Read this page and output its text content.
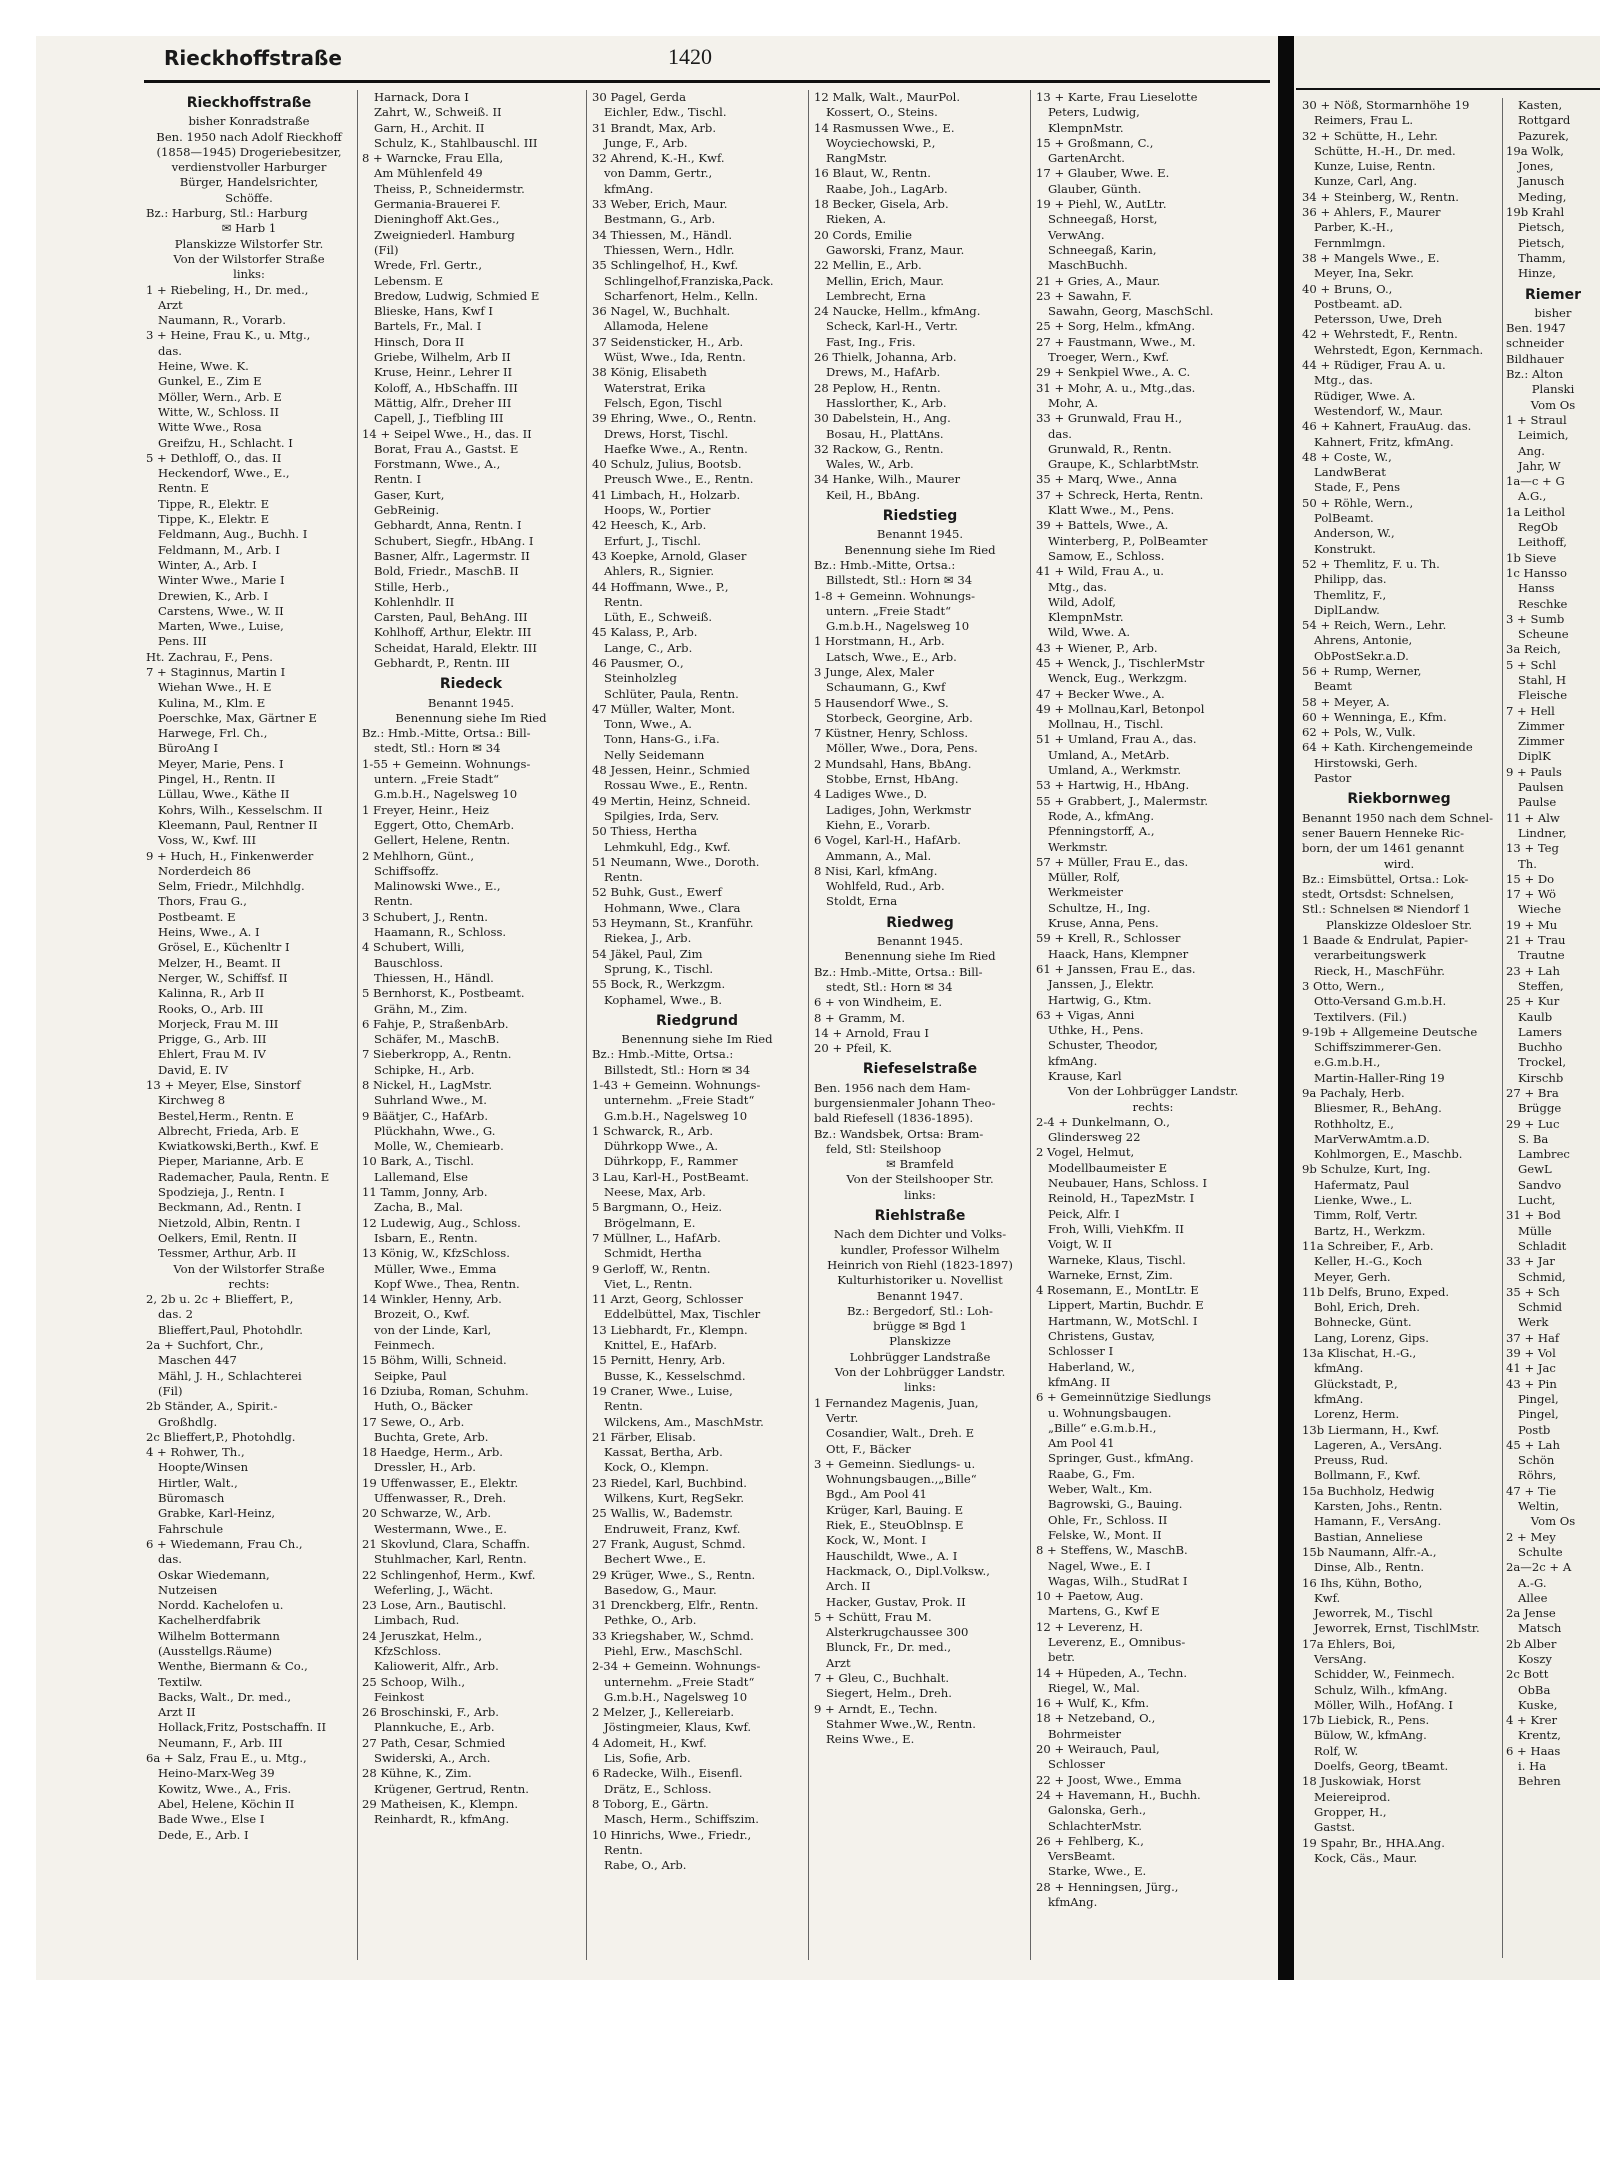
Rieckhoffstraße	1420
Rieckhoffstraße
bisher Konradstraße
Ben. 1950 nach Adolf Rieckhoff
(1858—1945) Drogeriebesitzer,
verdienstvoller Harburger
Bürger, Handelsrichter,
Schöffe.
Bz.: Harburg, Stl.: Harburg
✉ Harb 1
Planskizze Wilstorfer Str.
Von der Wilstorfer Straße
links:
1 + Riebeling, H., Dr. med.,
Arzt
Naumann, R., Vorarb.
3 + Heine, Frau K., u. Mtg.,
das.
Heine, Wwe. K.
Gunkel, E., Zim E
Möller, Wern., Arb. E
Witte, W., Schloss. II
Witte Wwe., Rosa
Greifzu, H., Schlacht. I
5 + Dethloff, O., das. II
Heckendorf, Wwe., E.,
Rentn. E
Tippe, R., Elektr. E
Tippe, K., Elektr. E
Feldmann, Aug., Buchh. I
Feldmann, M., Arb. I
Winter, A., Arb. I
Winter Wwe., Marie I
Drewien, K., Arb. I
Carstens, Wwe., W. II
Marten, Wwe., Luise,
Pens. III
Ht. Zachrau, F., Pens.
7 + Staginnus, Martin I
Wiehan Wwe., H. E
Kulina, M., Klm. E
Poerschke, Max, Gärtner E
Harwege, Frl. Ch.,
BüroAng I
Meyer, Marie, Pens. I
Pingel, H., Rentn. II
Lüllau, Wwe., Käthe II
Kohrs, Wilh., Kesselschm. II
Kleemann, Paul, Rentner II
Voss, W., Kwf. III
9 + Huch, H., Finkenwerder
Norderdeich 86
Selm, Friedr., Milchhdlg.
Thors, Frau G.,
Postbeamt. E
Heins, Wwe., A. I
Grösel, E., Küchenltr I
Melzer, H., Beamt. II
Nerger, W., Schiffsf. II
Kalinna, R., Arb II
Rooks, O., Arb. III
Morjeck, Frau M. III
Prigge, G., Arb. III
Ehlert, Frau M. IV
David, E. IV
13 + Meyer, Else, Sinstorf
Kirchweg 8
Bestel,Herm., Rentn. E
Albrecht, Frieda, Arb. E
Kwiatkowski,Berth., Kwf. E
Pieper, Marianne, Arb. E
Rademacher, Paula, Rentn. E
Spodzieja, J., Rentn. I
Beckmann, Ad., Rentn. I
Nietzold, Albin, Rentn. I
Oelkers, Emil, Rentn. II
Tessmer, Arthur, Arb. II
Von der Wilstorfer Straße
rechts:
2, 2b u. 2c + Blieffert, P.,
das. 2
Blieffert,Paul, Photohdlr.
2a + Suchfort, Chr.,
Maschen 447
Mähl, J. H., Schlachterei
(Fil)
2b Ständer, A., Spirit.-
Großhdlg.
2c Blieffert,P., Photohdlg.
4 + Rohwer, Th.,
Hoopte/Winsen
Hirtler, Walt.,
Büromasch
Grabke, Karl-Heinz,
Fahrschule
6 + Wiedemann, Frau Ch.,
das.
Oskar Wiedemann,
Nutzeisen
Nordd. Kachelofen u.
Kachelherdfabrik
Wilhelm Bottermann
(Ausstellgs.Räume)
Wenthe, Biermann & Co.,
Textilw.
Backs, Walt., Dr. med.,
Arzt II
Hollack,Fritz, Postschaffn. II
Neumann, F., Arb. III
6a + Salz, Frau E., u. Mtg.,
Heino-Marx-Weg 39
Kowitz, Wwe., A., Fris.
Abel, Helene, Köchin II
Bade Wwe., Else I
Dede, E., Arb. I
Harnack, Dora I
Zahrt, W., Schweiß. II
Garn, H., Archit. II
Schulz, K., Stahlbauschl. III
8 + Warncke, Frau Ella,
Am Mühlenfeld 49
Theiss, P., Schneidermstr.
Germania-Brauerei F.
Dieninghoff Akt.Ges.,
Zweigniederl. Hamburg
(Fil)
Wrede, Frl. Gertr.,
Lebensm. E
Bredow, Ludwig, Schmied E
Blieske, Hans, Kwf I
Bartels, Fr., Mal. I
Hinsch, Dora II
Griebe, Wilhelm, Arb II
Kruse, Heinr., Lehrer II
Koloff, A., HbSchaffn. III
Mättig, Alfr., Dreher III
Capell, J., Tiefbling III
14 + Seipel Wwe., H., das. II
Borat, Frau A., Gastst. E
Forstmann, Wwe., A.,
Rentn. I
Gaser, Kurt,
GebReinig.
Gebhardt, Anna, Rentn. I
Schubert, Siegfr., HbAng. I
Basner, Alfr., Lagermstr. II
Bold, Friedr., MaschB. II
Stille, Herb.,
Kohlenhdlr. II
Carsten, Paul, BehAng. III
Kohlhoff, Arthur, Elektr. III
Scheidat, Harald, Elektr. III
Gebhardt, P., Rentn. III
Riedeck
Benannt 1945.
Benennung siehe Im Ried
Bz.: Hmb.-Mitte, Ortsa.: Bill-
stedt, Stl.: Horn ✉ 34
1-55 + Gemeinn. Wohnungs-
untern. „Freie Stadt“
G.m.b.H., Nagelsweg 10
1 Freyer, Heinr., Heiz
Eggert, Otto, ChemArb.
Gellert, Helene, Rentn.
2 Mehlhorn, Günt.,
Schiffsoffz.
Malinowski Wwe., E.,
Rentn.
3 Schubert, J., Rentn.
Haamann, R., Schloss.
4 Schubert, Willi,
Bauschloss.
Thiessen, H., Händl.
5 Bernhorst, K., Postbeamt.
Grähn, M., Zim.
6 Fahje, P., StraßenbArb.
Schäfer, M., MaschB.
7 Sieberkropp, A., Rentn.
Schipke, H., Arb.
8 Nickel, H., LagMstr.
Suhrland Wwe., M.
9 Bäätjer, C., HafArb.
Plückhahn, Wwe., G.
Molle, W., Chemiearb.
10 Bark, A., Tischl.
Lallemand, Else
11 Tamm, Jonny, Arb.
Zacha, B., Mal.
12 Ludewig, Aug., Schloss.
Isbarn, E., Rentn.
13 König, W., KfzSchloss.
Müller, Wwe., Emma
Kopf Wwe., Thea, Rentn.
14 Winkler, Henny, Arb.
Brozeit, O., Kwf.
von der Linde, Karl,
Feinmech.
15 Böhm, Willi, Schneid.
Seipke, Paul
16 Dziuba, Roman, Schuhm.
Huth, O., Bäcker
17 Sewe, O., Arb.
Buchta, Grete, Arb.
18 Haedge, Herm., Arb.
Dressler, H., Arb.
19 Uffenwasser, E., Elektr.
Uffenwasser, R., Dreh.
20 Schwarze, W., Arb.
Westermann, Wwe., E.
21 Skovlund, Clara, Schaffn.
Stuhlmacher, Karl, Rentn.
22 Schlingenhof, Herm., Kwf.
Weferling, J., Wächt.
23 Lose, Arn., Bautischl.
Limbach, Rud.
24 Jeruszkat, Helm.,
KfzSchloss.
Kaliowerit, Alfr., Arb.
25 Schoop, Wilh.,
Feinkost
26 Broschinski, F., Arb.
Plannkuche, E., Arb.
27 Path, Cesar, Schmied
Swiderski, A., Arch.
28 Kühne, K., Zim.
Krügener, Gertrud, Rentn.
29 Matheisen, K., Klempn.
Reinhardt, R., kfmAng.
30 Pagel, Gerda
Eichler, Edw., Tischl.
31 Brandt, Max, Arb.
Junge, F., Arb.
32 Ahrend, K.-H., Kwf.
von Damm, Gertr.,
kfmAng.
33 Weber, Erich, Maur.
Bestmann, G., Arb.
34 Thiessen, M., Händl.
Thiessen, Wern., Hdlr.
35 Schlingelhof, H., Kwf.
Schlingelhof,Franziska,Pack.
Scharfenort, Helm., Kelln.
36 Nagel, W., Buchhalt.
Allamoda, Helene
37 Seidensticker, H., Arb.
Wüst, Wwe., Ida, Rentn.
38 König, Elisabeth
Waterstrat, Erika
Felsch, Egon, Tischl
39 Ehring, Wwe., O., Rentn.
Drews, Horst, Tischl.
Haefke Wwe., A., Rentn.
40 Schulz, Julius, Bootsb.
Preusch Wwe., E., Rentn.
41 Limbach, H., Holzarb.
Hoops, W., Portier
42 Heesch, K., Arb.
Erfurt, J., Tischl.
43 Koepke, Arnold, Glaser
Ahlers, R., Signier.
44 Hoffmann, Wwe., P.,
Rentn.
Lüth, E., Schweiß.
45 Kalass, P., Arb.
Lange, C., Arb.
46 Pausmer, O.,
Steinholzleg
Schlüter, Paula, Rentn.
47 Müller, Walter, Mont.
Tonn, Wwe., A.
Tonn, Hans-G., i.Fa.
Nelly Seidemann
48 Jessen, Heinr., Schmied
Rossau Wwe., E., Rentn.
49 Mertin, Heinz, Schneid.
Spilgies, Irda, Serv.
50 Thiess, Hertha
Lehmkuhl, Edg., Kwf.
51 Neumann, Wwe., Doroth.
Rentn.
52 Buhk, Gust., Ewerf
Hohmann, Wwe., Clara
53 Heymann, St., Kranführ.
Riekea, J., Arb.
54 Jäkel, Paul, Zim
Sprung, K., Tischl.
55 Bock, R., Werkzgm.
Kophamel, Wwe., B.
Riedgrund
Benennung siehe Im Ried
Bz.: Hmb.-Mitte, Ortsa.:
Billstedt, Stl.: Horn ✉ 34
1-43 + Gemeinn. Wohnungs-
unternehm. „Freie Stadt“
G.m.b.H., Nagelsweg 10
1 Schwarck, R., Arb.
Dührkopp Wwe., A.
Dührkopp, F., Rammer
3 Lau, Karl-H., PostBeamt.
Neese, Max, Arb.
5 Bargmann, O., Heiz.
Brögelmann, E.
7 Müllner, L., HafArb.
Schmidt, Hertha
9 Gerloff, W., Rentn.
Viet, L., Rentn.
11 Arzt, Georg, Schlosser
Eddelbüttel, Max, Tischler
13 Liebhardt, Fr., Klempn.
Knittel, E., HafArb.
15 Pernitt, Henry, Arb.
Busse, K., Kesselschmd.
19 Craner, Wwe., Luise,
Rentn.
Wilckens, Am., MaschMstr.
21 Färber, Elisab.
Kassat, Bertha, Arb.
Kock, O., Klempn.
23 Riedel, Karl, Buchbind.
Wilkens, Kurt, RegSekr.
25 Wallis, W., Bademstr.
Endruweit, Franz, Kwf.
27 Frank, August, Schmd.
Bechert Wwe., E.
29 Krüger, Wwe., S., Rentn.
Basedow, G., Maur.
31 Drenckberg, Elfr., Rentn.
Pethke, O., Arb.
33 Kriegshaber, W., Schmd.
Piehl, Erw., MaschSchl.
2-34 + Gemeinn. Wohnungs-
unternehm. „Freie Stadt“
G.m.b.H., Nagelsweg 10
2 Melzer, J., Kellereiarb.
Jöstingmeier, Klaus, Kwf.
4 Adomeit, H., Kwf.
Lis, Sofie, Arb.
6 Radecke, Wilh., Eisenfl.
Drätz, E., Schloss.
8 Toborg, E., Gärtn.
Masch, Herm., Schiffszim.
10 Hinrichs, Wwe., Friedr.,
Rentn.
Rabe, O., Arb.
12 Malk, Walt., MaurPol.
Kossert, O., Steins.
14 Rasmussen Wwe., E.
Woyciechowski, P.,
RangMstr.
16 Blaut, W., Rentn.
Raabe, Joh., LagArb.
18 Becker, Gisela, Arb.
Rieken, A.
20 Cords, Emilie
Gaworski, Franz, Maur.
22 Mellin, E., Arb.
Mellin, Erich, Maur.
Lembrecht, Erna
24 Naucke, Hellm., kfmAng.
Scheck, Karl-H., Vertr.
Fast, Ing., Fris.
26 Thielk, Johanna, Arb.
Drews, M., HafArb.
28 Peplow, H., Rentn.
Hasslorther, K., Arb.
30 Dabelstein, H., Ang.
Bosau, H., PlattAns.
32 Rackow, G., Rentn.
Wales, W., Arb.
34 Hanke, Wilh., Maurer
Keil, H., BbAng.
Riedstieg
Benannt 1945.
Benennung siehe Im Ried
Bz.: Hmb.-Mitte, Ortsa.:
Billstedt, Stl.: Horn ✉ 34
1-8 + Gemeinn. Wohnungs-
untern. „Freie Stadt“
G.m.b.H., Nagelsweg 10
1 Horstmann, H., Arb.
Latsch, Wwe., E., Arb.
3 Junge, Alex, Maler
Schaumann, G., Kwf
5 Hausendorf Wwe., S.
Storbeck, Georgine, Arb.
7 Küstner, Henry, Schloss.
Möller, Wwe., Dora, Pens.
2 Mundsahl, Hans, BbAng.
Stobbe, Ernst, HbAng.
4 Ladiges Wwe., D.
Ladiges, John, Werkmstr
Kiehn, E., Vorarb.
6 Vogel, Karl-H., HafArb.
Ammann, A., Mal.
8 Nisi, Karl, kfmAng.
Wohlfeld, Rud., Arb.
Stoldt, Erna
Riedweg
Benannt 1945.
Benennung siehe Im Ried
Bz.: Hmb.-Mitte, Ortsa.: Bill-
stedt, Stl.: Horn ✉ 34
6 + von Windheim, E.
8 + Gramm, M.
14 + Arnold, Frau I
20 + Pfeil, K.
Riefeselstraße
Ben. 1956 nach dem Ham-
burgensienmaler Johann Theo-
bald Riefesell (1836-1895).
Bz.: Wandsbek, Ortsa: Bram-
feld, Stl: Steilshoop
✉ Bramfeld
Von der Steilshooper Str.
links:
Riehlstraße
Nach dem Dichter und Volks-
kundler, Professor Wilhelm
Heinrich von Riehl (1823-1897)
Kulturhistoriker u. Novellist
Benannt 1947.
Bz.: Bergedorf, Stl.: Loh-
brügge ✉ Bgd 1
Planskizze
Lohbrügger Landstraße
Von der Lohbrügger Landstr.
links:
1 Fernandez Magenis, Juan,
Vertr.
Cosandier, Walt., Dreh. E
Ott, F., Bäcker
3 + Gemeinn. Siedlungs- u.
Wohnungsbaugen.,„Bille“
Bgd., Am Pool 41
Krüger, Karl, Bauing. E
Riek, E., SteuOblnsp. E
Kock, W., Mont. I
Hauschildt, Wwe., A. I
Hackmack, O., Dipl.Volksw.,
Arch. II
Hacker, Gustav, Prok. II
5 + Schütt, Frau M.
Alsterkrugchaussee 300
Blunck, Fr., Dr. med.,
Arzt
7 + Gleu, C., Buchhalt.
Siegert, Helm., Dreh.
9 + Arndt, E., Techn.
Stahmer Wwe.,W., Rentn.
Reins Wwe., E.
13 + Karte, Frau Lieselotte
Peters, Ludwig,
KlempnMstr.
15 + Großmann, C.,
GartenArcht.
17 + Glauber, Wwe. E.
Glauber, Günth.
19 + Piehl, W., AutLtr.
Schneegaß, Horst,
VerwAng.
Schneegaß, Karin,
MaschBuchh.
21 + Gries, A., Maur.
23 + Sawahn, F.
Sawahn, Georg, MaschSchl.
25 + Sorg, Helm., kfmAng.
27 + Faustmann, Wwe., M.
Troeger, Wern., Kwf.
29 + Senkpiel Wwe., A. C.
31 + Mohr, A. u., Mtg.,das.
Mohr, A.
33 + Grunwald, Frau H.,
das.
Grunwald, R., Rentn.
Graupe, K., SchlarbtMstr.
35 + Marq, Wwe., Anna
37 + Schreck, Herta, Rentn.
Klatt Wwe., M., Pens.
39 + Battels, Wwe., A.
Winterberg, P., PolBeamter
Samow, E., Schloss.
41 + Wild, Frau A., u.
Mtg., das.
Wild, Adolf,
KlempnMstr.
Wild, Wwe. A.
43 + Wiener, P., Arb.
45 + Wenck, J., TischlerMstr
Wenck, Eug., Werkzgm.
47 + Becker Wwe., A.
49 + Mollnau,Karl, Betonpol
Mollnau, H., Tischl.
51 + Umland, Frau A., das.
Umland, A., MetArb.
Umland, A., Werkmstr.
53 + Hartwig, H., HbAng.
55 + Grabbert, J., Malermstr.
Rode, A., kfmAng.
Pfenningstorff, A.,
Werkmstr.
57 + Müller, Frau E., das.
Müller, Rolf,
Werkmeister
Schultze, H., Ing.
Kruse, Anna, Pens.
59 + Krell, R., Schlosser
Haack, Hans, Klempner
61 + Janssen, Frau E., das.
Janssen, J., Elektr.
Hartwig, G., Ktm.
63 + Vigas, Anni
Uthke, H., Pens.
Schuster, Theodor,
kfmAng.
Krause, Karl
Von der Lohbrügger Landstr.
rechts:
2-4 + Dunkelmann, O.,
Glindersweg 22
2 Vogel, Helmut,
Modellbaumeister E
Neubauer, Hans, Schloss. I
Reinold, H., TapezMstr. I
Peick, Alfr. I
Froh, Willi, ViehKfm. II
Voigt, W. II
Warneke, Klaus, Tischl.
Warneke, Ernst, Zim.
4 Rosemann, E., MontLtr. E
Lippert, Martin, Buchdr. E
Hartmann, W., MotSchl. I
Christens, Gustav,
Schlosser I
Haberland, W.,
kfmAng. II
6 + Gemeinnützige Siedlungs
u. Wohnungsbaugen.
„Bille“ e.G.m.b.H.,
Am Pool 41
Springer, Gust., kfmAng.
Raabe, G., Fm.
Weber, Walt., Km.
Bagrowski, G., Bauing.
Ohle, Fr., Schloss. II
Felske, W., Mont. II
8 + Steffens, W., MaschB.
Nagel, Wwe., E. I
Wagas, Wilh., StudRat I
10 + Paetow, Aug.
Martens, G., Kwf E
12 + Leverenz, H.
Leverenz, E., Omnibus-
betr.
14 + Hüpeden, A., Techn.
Riegel, W., Mal.
16 + Wulf, K., Kfm.
18 + Netzeband, O.,
Bohrmeister
20 + Weirauch, Paul,
Schlosser
22 + Joost, Wwe., Emma
24 + Havemann, H., Buchh.
Galonska, Gerh.,
SchlachterMstr.
26 + Fehlberg, K.,
VersBeamt.
Starke, Wwe., E.
28 + Henningsen, Jürg.,
kfmAng.
30 + Nöß, Stormarnhöhe 19
Reimers, Frau L.
32 + Schütte, H., Lehr.
Schütte, H.-H., Dr. med.
Kunze, Luise, Rentn.
Kunze, Carl, Ang.
34 + Steinberg, W., Rentn.
36 + Ahlers, F., Maurer
Parber, K.-H.,
Fernmlmgn.
38 + Mangels Wwe., E.
Meyer, Ina, Sekr.
40 + Bruns, O.,
Postbeamt. aD.
Petersson, Uwe, Dreh
42 + Wehrstedt, F., Rentn.
Wehrstedt, Egon, Kernmach.
44 + Rüdiger, Frau A. u.
Mtg., das.
Rüdiger, Wwe. A.
Westendorf, W., Maur.
46 + Kahnert, FrauAug. das.
Kahnert, Fritz, kfmAng.
48 + Coste, W.,
LandwBerat
Stade, F., Pens
50 + Röhle, Wern.,
PolBeamt.
Anderson, W.,
Konstrukt.
52 + Themlitz, F. u. Th.
Philipp, das.
Themlitz, F.,
DiplLandw.
54 + Reich, Wern., Lehr.
Ahrens, Antonie,
ObPostSekr.a.D.
56 + Rump, Werner,
Beamt
58 + Meyer, A.
60 + Wenninga, E., Kfm.
62 + Pols, W., Vulk.
64 + Kath. Kirchengemeinde
Hirstowski, Gerh.
Pastor
Riekbornweg
Benannt 1950 nach dem Schnel-
sener Bauern Henneke Ric-
born, der um 1461 genannt
wird.
Bz.: Eimsbüttel, Ortsa.: Lok-
stedt, Ortsdst: Schnelsen,
Stl.: Schnelsen ✉ Niendorf 1
Planskizze Oldesloer Str.
1 Baade & Endrulat, Papier-
verarbeitungswerk
Rieck, H., MaschFühr.
3 Otto, Wern.,
Otto-Versand G.m.b.H.
Textilvers. (Fil.)
9-19b + Allgemeine Deutsche
Schiffszimmerer-Gen.
e.G.m.b.H.,
Martin-Haller-Ring 19
9a Pachaly, Herb.
Bliesmer, R., BehAng.
Rothholtz, E.,
MarVerwAmtm.a.D.
Kohlmorgen, E., Maschb.
9b Schulze, Kurt, Ing.
Hafermatz, Paul
Lienke, Wwe., L.
Timm, Rolf, Vertr.
Bartz, H., Werkzm.
11a Schreiber, F., Arb.
Keller, H.-G., Koch
Meyer, Gerh.
11b Delfs, Bruno, Exped.
Bohl, Erich, Dreh.
Bohnecke, Günt.
Lang, Lorenz, Gips.
13a Klischat, H.-G.,
kfmAng.
Glückstadt, P.,
kfmAng.
Lorenz, Herm.
13b Liermann, H., Kwf.
Lageren, A., VersAng.
Preuss, Rud.
Bollmann, F., Kwf.
15a Buchholz, Hedwig
Karsten, Johs., Rentn.
Hamann, F., VersAng.
Bastian, Anneliese
15b Naumann, Alfr.-A.,
Dinse, Alb., Rentn.
16 Ihs, Kühn, Botho,
Kwf.
Jeworrek, M., Tischl
Jeworrek, Ernst, TischlMstr.
17a Ehlers, Boi,
VersAng.
Schidder, W., Feinmech.
Schulz, Wilh., kfmAng.
Möller, Wilh., HofAng. I
17b Liebick, R., Pens.
Bülow, W., kfmAng.
Rolf, W.
Doelfs, Georg, tBeamt.
18 Juskowiak, Horst
Meiereiprod.
Gropper, H.,
Gastst.
19 Spahr, Br., HHA.Ang.
Kock, Cäs., Maur.
Kasten,
Rottgard
Pazurek,
19a Wolk,
Jones,
Janusch
Meding,
19b Krahl
Pietsch,
Pietsch,
Thamm,
Hinze,
Riemer
bisher
Ben. 1947
schneider
Bildhauer
Bz.: Alton
Planski
Vom Os
1 + Straul
Leimich,
Ang.
Jahr, W
1a—c + G
A.G.,
1a Leithol
RegOb
Leithoff,
1b Sieve
1c Hansso
Hanss
Reschke
3 + Sumb
Scheune
3a Reich,
5 + Schl
Stahl, H
Fleische
7 + Hell
Zimmer
Zimmer
DiplK
9 + Pauls
Paulsen
Paulse
11 + Alw
Lindner,
13 + Teg
Th.
15 + Do
17 + Wö
Wieche
19 + Mu
21 + Trau
Trautne
23 + Lah
Steffen,
25 + Kur
Kaulb
Lamers
Buchho
Trockel,
Kirschb
27 + Bra
Brügge
29 + Luc
S. Ba
Lambrec
GewL
Sandvo
Lucht,
31 + Bod
Mülle
Schladit
33 + Jar
Schmid,
35 + Sch
Schmid
Werk
37 + Haf
39 + Vol
41 + Jac
43 + Pin
Pingel,
Pingel,
Postb
45 + Lah
Schön
Röhrs,
47 + Tie
Weltin,
Vom Os
2 + Mey
Schulte
2a—2c + A
A.-G.
Allee
2a Jense
Matsch
2b Alber
Koszy
2c Bott
ObBa
Kuske,
4 + Krer
Krentz,
6 + Haas
i. Ha
Behren
